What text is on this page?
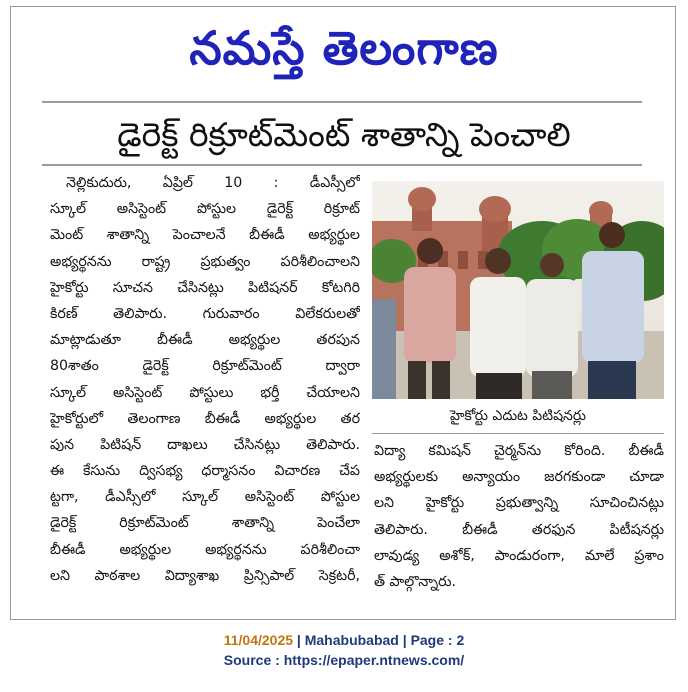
నమస్తే తెలంగాణ
డైరెక్ట్ రిక్రూట్‌మెంట్ శాతాన్ని పెంచాలి
నెల్లికుదురు, ఏప్రిల్ 10 : డీఎస్సీలో
స్కూల్ అసిస్టెంట్ పోస్టుల డైరెక్ట్ రిక్రూట్
మెంట్ శాతాన్ని పెంచాలనే బీఈడీ అభ్యర్థుల
అభ్యర్థనను రాష్ట్ర ప్రభుత్వం పరిశీలించాలని
హైకోర్టు సూచన చేసినట్లు పిటిషనర్ కోటగిరి
కిరణ్ తెలిపారు. గురువారం విలేకరులతో
మాట్లాడుతూ బీఈడీ అభ్యర్థుల తరపున
80శాతం డైరెక్ట్ రిక్రూట్‌మెంట్ ద్వారా
స్కూల్ అసిస్టెంట్ పోస్టులు భర్తీ చేయాలని
హైకోర్టులో తెలంగాణ బీఈడీ అభ్యర్థుల తర
పున పిటిషన్ దాఖలు చేసినట్లు తెలిపారు.
ఈ కేసును ద్విసభ్య ధర్మాసనం విచారణ చేప
ట్టగా, డీఎస్సీలో స్కూల్ అసిస్టెంట్ పోస్టుల
డైరెక్ట్ రిక్రూట్‌మెంట్ శాతాన్ని పెంచేలా
బీఈడీ అభ్యర్థుల అభ్యర్థనను పరిశీలించా
లని పాఠశాల విద్యాశాఖ ప్రిన్సిపాల్ సెక్రటరీ,
హైకోర్టు ఎదుట పిటిషనర్లు
విద్యా కమిషన్ చైర్మన్‌ను కోరింది. బీఈడీ
అభ్యర్థులకు అన్యాయం జరగకుండా చూడా
లని హైకోర్టు ప్రభుత్వాన్ని సూచించినట్లు
తెలిపారు. బీఈడీ తరఫున పిటీషనర్లు
లావుడ్య అశోక్, పాండురంగా, మాలే ప్రశాం
త్ పాల్గొన్నారు.
11/04/2025 | Mahabubabad | Page : 2
Source : https://epaper.ntnews.com/
